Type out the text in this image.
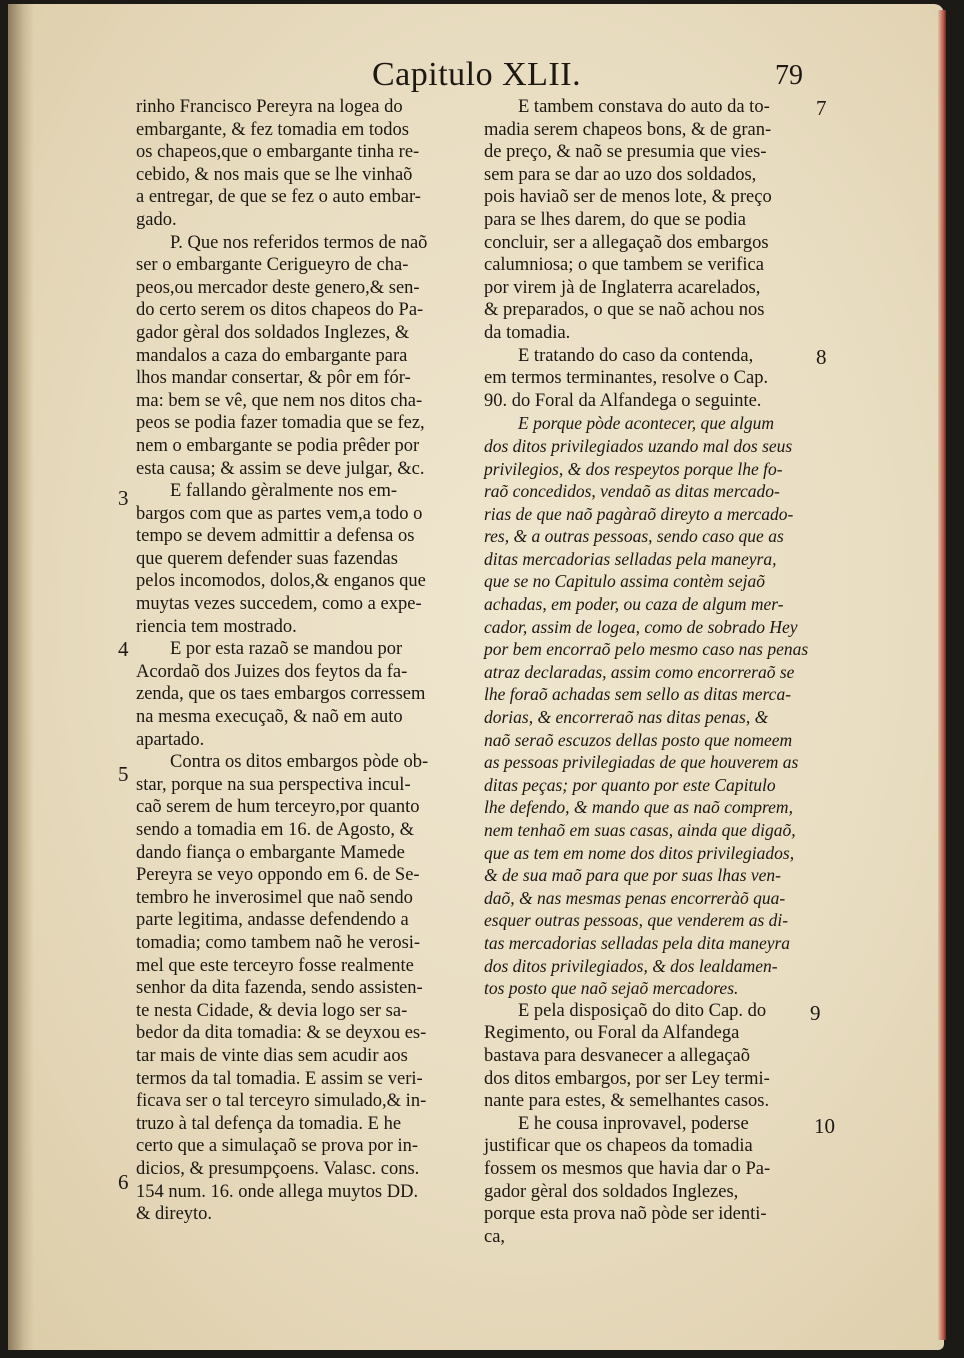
Capitulo XLII.	79
rinho Francisco Pereyra na logea do
embargante, & fez tomadia em todos
os chapeos,que o embargante tinha re-
cebido, & nos mais que se lhe vinhaõ
a entregar, de que se fez o auto embar-
gado.
P. Que nos referidos termos de naõ
ser o embargante Cerigueyro de cha-
peos,ou mercador deste genero,& sen-
do certo serem os ditos chapeos do Pa-
gador gèral dos soldados Inglezes, &
mandalos a caza do embargante para
lhos mandar consertar, & pôr em fór-
ma: bem se vê, que nem nos ditos cha-
peos se podia fazer tomadia que se fez,
nem o embargante se podia prêder por
esta causa; & assim se deve julgar, &c.
E fallando gèralmente nos em-
bargos com que as partes vem,a todo o
tempo se devem admittir a defensa os
que querem defender suas fazendas
pelos incomodos, dolos,& enganos que
muytas vezes succedem, como a expe-
riencia tem mostrado.
E por esta razaõ se mandou por
Acordaõ dos Juizes dos feytos da fa-
zenda, que os taes embargos corressem
na mesma execuçaõ, & naõ em auto
apartado.
Contra os ditos embargos pòde ob-
star, porque na sua perspectiva incul-
caõ serem de hum terceyro,por quanto
sendo a tomadia em 16. de Agosto, &
dando fiança o embargante Mamede
Pereyra se veyo oppondo em 6. de Se-
tembro he inverosimel que naõ sendo
parte legitima, andasse defendendo a
tomadia; como tambem naõ he verosi-
mel que este terceyro fosse realmente
senhor da dita fazenda, sendo assisten-
te nesta Cidade, & devia logo ser sa-
bedor da dita tomadia: & se deyxou es-
tar mais de vinte dias sem acudir aos
termos da tal tomadia. E assim se veri-
ficava ser o tal terceyro simulado,& in-
truzo à tal defença da tomadia. E he
certo que a simulaçaõ se prova por in-
dicios, & presumpçoens. Valasc. cons.
154 num. 16. onde allega muytos DD.
& direyto.
E tambem constava do auto da to-
madia serem chapeos bons, & de gran-
de preço, & naõ se presumia que vies-
sem para se dar ao uzo dos soldados,
pois haviaõ ser de menos lote, & preço
para se lhes darem, do que se podia
concluir, ser a allegaçaõ dos embargos
calumniosa; o que tambem se verifica
por virem jà de Inglaterra acarelados,
& preparados, o que se naõ achou nos
da tomadia.
E tratando do caso da contenda,
em termos terminantes, resolve o Cap.
90. do Foral da Alfandega o seguinte.
E porque pòde acontecer, que algum
dos ditos privilegiados uzando mal dos seus
privilegios, & dos respeytos porque lhe fo-
raõ concedidos, vendaõ as ditas mercado-
rias de que naõ pagàraõ direyto a mercado-
res, & a outras pessoas, sendo caso que as
ditas mercadorias selladas pela maneyra,
que se no Capitulo assima contèm sejaõ
achadas, em poder, ou caza de algum mer-
cador, assim de logea, como de sobrado Hey
por bem encorraõ pelo mesmo caso nas penas
atraz declaradas, assim como encorreraõ se
lhe foraõ achadas sem sello as ditas merca-
dorias, & encorreraõ nas ditas penas, &
naõ seraõ escuzos dellas posto que nomeem
as pessoas privilegiadas de que houverem as
ditas peças; por quanto por este Capitulo
lhe defendo, & mando que as naõ comprem,
nem tenhaõ em suas casas, ainda que digaõ,
que as tem em nome dos ditos privilegiados,
& de sua maõ para que por suas lhas ven-
daõ, & nas mesmas penas encorreràõ qua-
esquer outras pessoas, que venderem as di-
tas mercadorias selladas pela dita maneyra
dos ditos privilegiados, & dos lealdamen-
tos posto que naõ sejaõ mercadores.
E pela disposiçaõ do dito Cap. do
Regimento, ou Foral da Alfandega
bastava para desvanecer a allegaçaõ
dos ditos embargos, por ser Ley termi-
nante para estes, & semelhantes casos.
E he cousa inprovavel, poderse
justificar que os chapeos da tomadia
fossem os mesmos que havia dar o Pa-
gador gèral dos soldados Inglezes,
porque esta prova naõ pòde ser identi-
ca,
3
4
5
6
7
8
9
10
